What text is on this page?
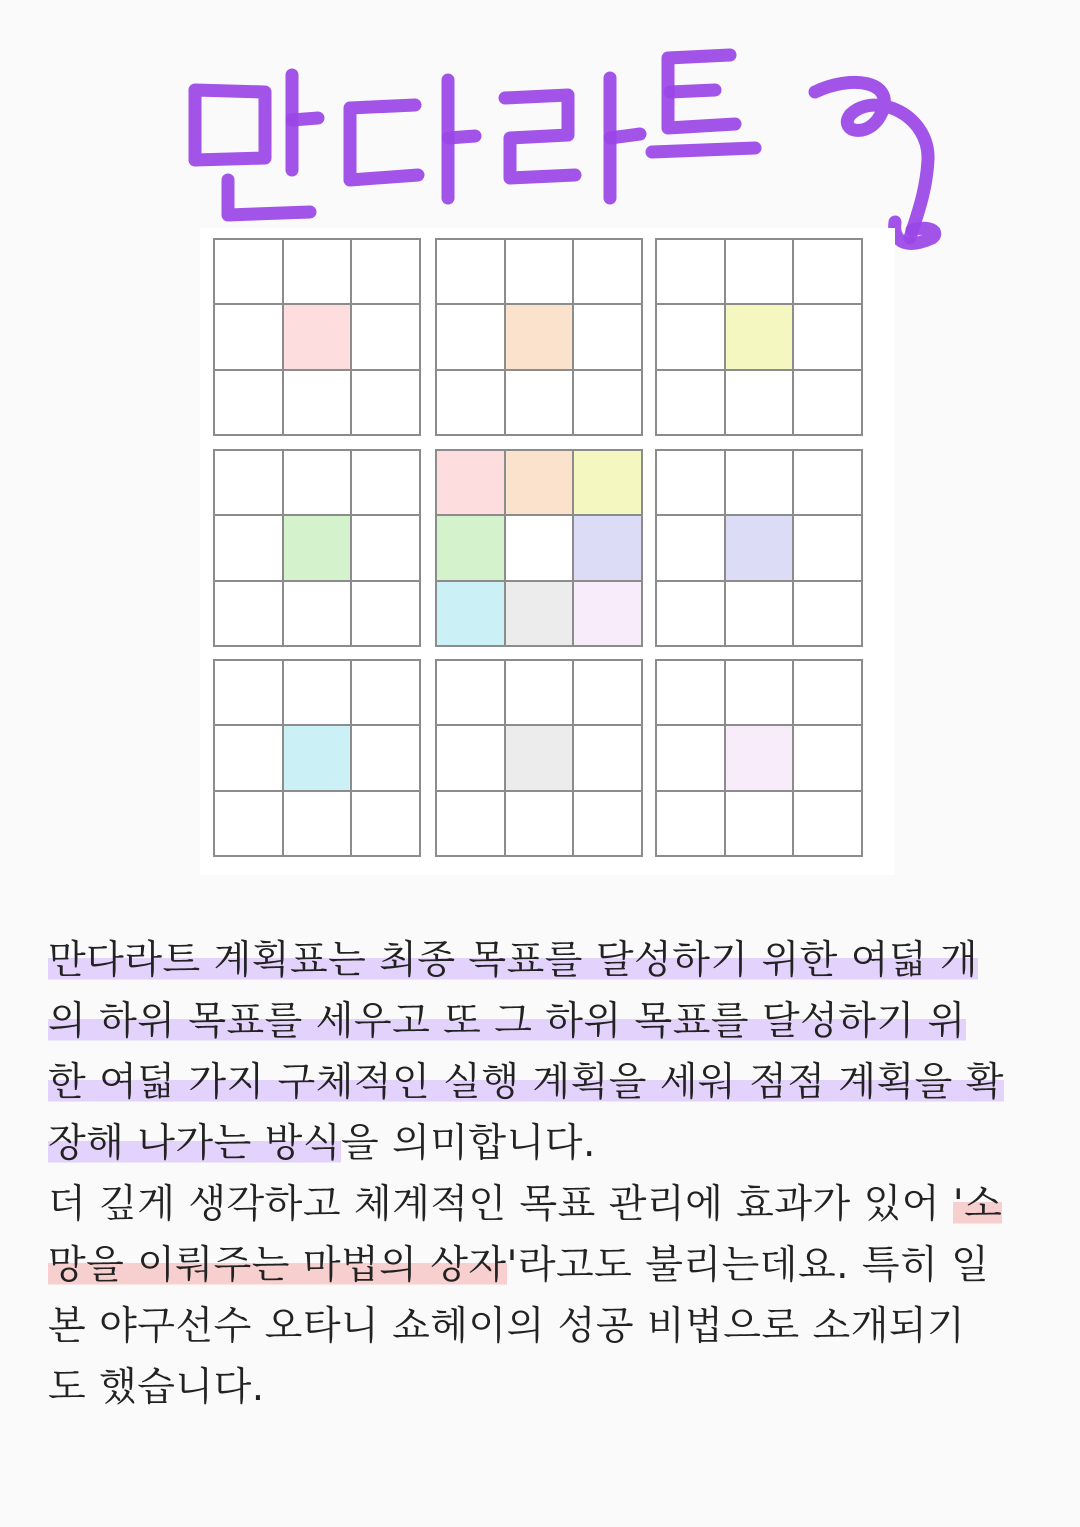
만다라트 계획표는 최종 목표를 달성하기 위한 여덟 개
의 하위 목표를 세우고 또 그 하위 목표를 달성하기 위
한 여덟 가지 구체적인 실행 계획을 세워 점점 계획을 확
장해 나가는 방식을 의미합니다.
더 깊게 생각하고 체계적인 목표 관리에 효과가 있어 '소
망을 이뤄주는 마법의 상자'라고도 불리는데요. 특히 일
본 야구선수 오타니 쇼헤이의 성공 비법으로 소개되기
도 했습니다.
